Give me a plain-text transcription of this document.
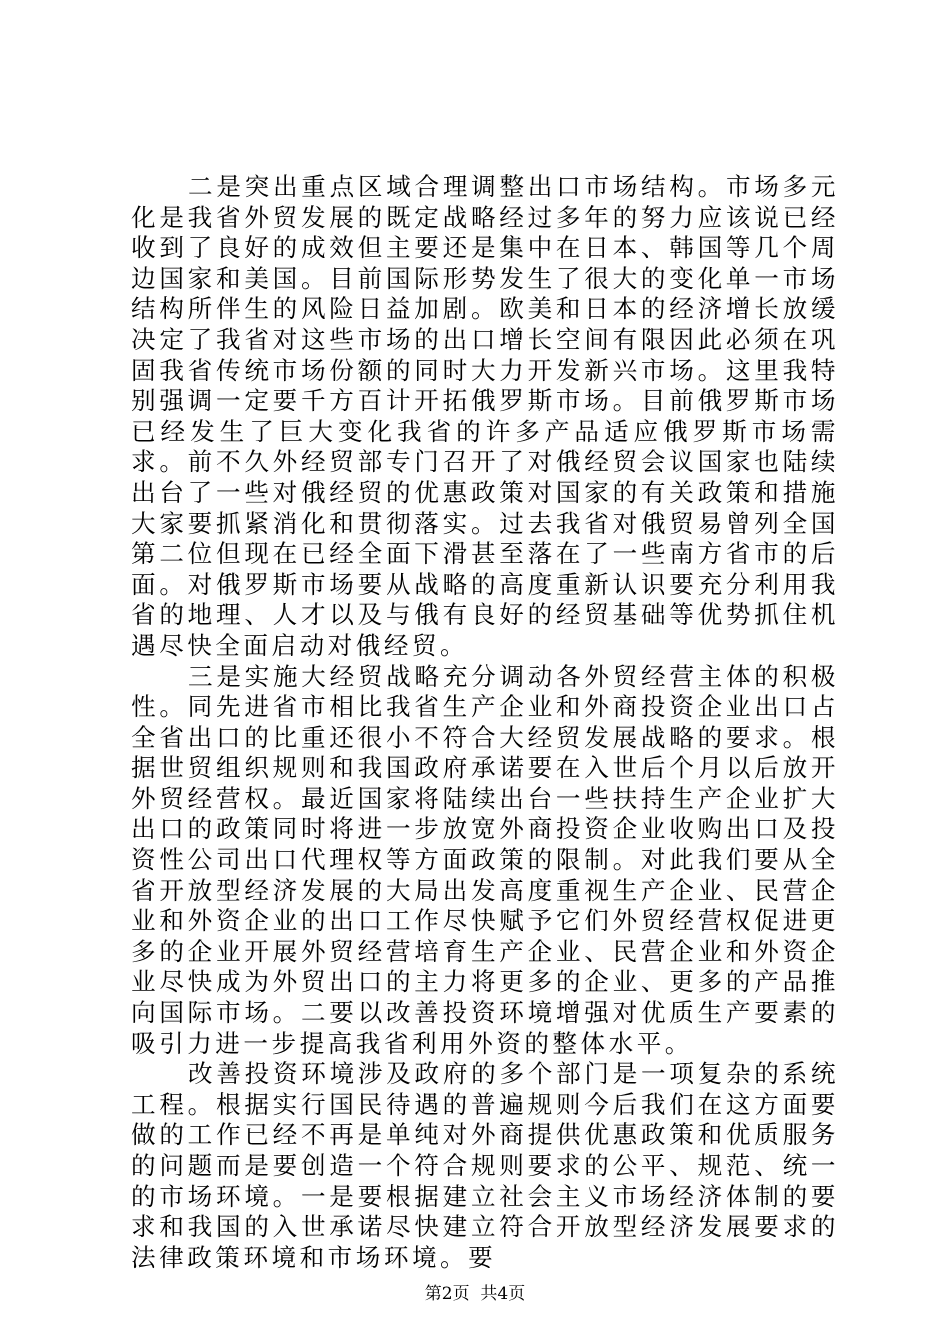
二是突出重点区域合理调整出口市场结构。市场多元化是我省外贸发展的既定战略经过多年的努力应该说已经收到了良好的成效但主要还是集中在日本、韩国等几个周边国家和美国。目前国际形势发生了很大的变化单一市场结构所伴生的风险日益加剧。欧美和日本的经济增长放缓决定了我省对这些市场的出口增长空间有限因此必须在巩固我省传统市场份额的同时大力开发新兴市场。这里我特别强调一定要千方百计开拓俄罗斯市场。目前俄罗斯市场已经发生了巨大变化我省的许多产品适应俄罗斯市场需求。前不久外经贸部专门召开了对俄经贸会议国家也陆续出台了一些对俄经贸的优惠政策对国家的有关政策和措施大家要抓紧消化和贯彻落实。过去我省对俄贸易曾列全国第二位但现在已经全面下滑甚至落在了一些南方省市的后面。对俄罗斯市场要从战略的高度重新认识要充分利用我省的地理、人才以及与俄有良好的经贸基础等优势抓住机遇尽快全面启动对俄经贸。

三是实施大经贸战略充分调动各外贸经营主体的积极性。同先进省市相比我省生产企业和外商投资企业出口占全省出口的比重还很小不符合大经贸发展战略的要求。根据世贸组织规则和我国政府承诺要在入世后个月以后放开外贸经营权。最近国家将陆续出台一些扶持生产企业扩大出口的政策同时将进一步放宽外商投资企业收购出口及投资性公司出口代理权等方面政策的限制。对此我们要从全省开放型经济发展的大局出发高度重视生产企业、民营企业和外资企业的出口工作尽快赋予它们外贸经营权促进更多的企业开展外贸经营培育生产企业、民营企业和外资企业尽快成为外贸出口的主力将更多的企业、更多的产品推向国际市场。二要以改善投资环境增强对优质生产要素的吸引力进一步提高我省利用外资的整体水平。

改善投资环境涉及政府的多个部门是一项复杂的系统工程。根据实行国民待遇的普遍规则今后我们在这方面要做的工作已经不再是单纯对外商提供优惠政策和优质服务的问题而是要创造一个符合规则要求的公平、规范、统一的市场环境。一是要根据建立社会主义市场经济体制的要求和我国的入世承诺尽快建立符合开放型经济发展要求的法律政策环境和市场环境。要

第2页  共4页
